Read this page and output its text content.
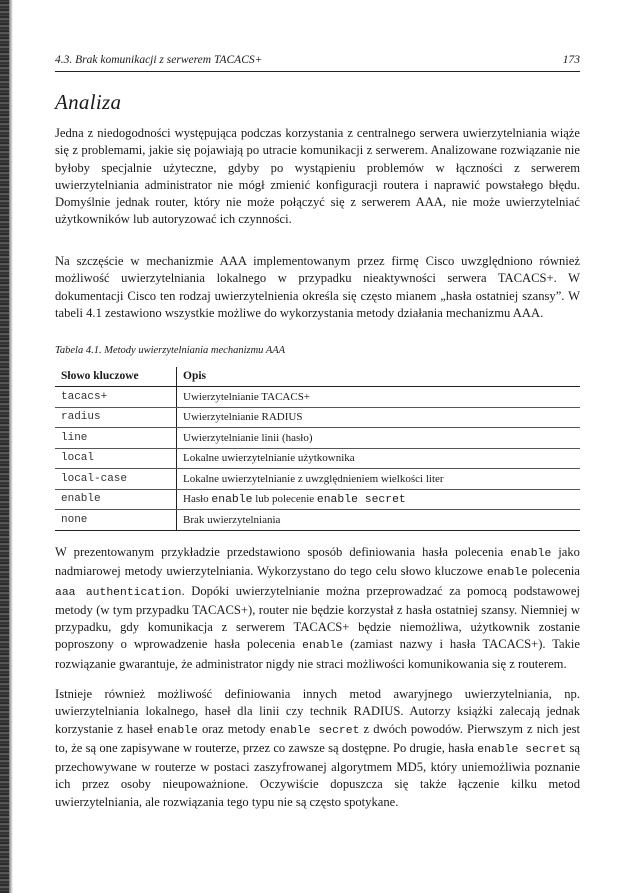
4.3. Brak komunikacji z serwerem TACACS+	173
Analiza

Jedna z niedogodności występująca podczas korzystania z centralnego serwera uwierzytelniania wiąże się z problemami, jakie się pojawiają po utracie komunikacji z serwerem. Analizowane rozwiązanie nie byłoby specjalnie użyteczne, gdyby po wystąpieniu problemów w łączności z serwerem uwierzytelniania administrator nie mógł zmienić konfiguracji routera i naprawić powstałego błędu. Domyślnie jednak router, który nie może połączyć się z serwerem AAA, nie może uwierzytelniać użytkowników lub autoryzować ich czynności.

Na szczęście w mechanizmie AAA implementowanym przez firmę Cisco uwzględniono również możliwość uwierzytelniania lokalnego w przypadku nieaktywności serwera TACACS+. W dokumentacji Cisco ten rodzaj uwierzytelnienia określa się często mianem „hasła ostatniej szansy”. W tabeli 4.1 zestawiono wszystkie możliwe do wykorzystania metody działania mechanizmu AAA.

Tabela 4.1. Metody uwierzytelniania mechanizmu AAA

Słowo kluczowe	Opis
tacacs+	Uwierzytelnianie TACACS+
radius	Uwierzytelnianie RADIUS
line	Uwierzytelnianie linii (hasło)
local	Lokalne uwierzytelnianie użytkownika
local-case	Lokalne uwierzytelnianie z uwzględnieniem wielkości liter
enable	Hasło enable lub polecenie enable secret
none	Brak uwierzytelniania

W prezentowanym przykładzie przedstawiono sposób definiowania hasła polecenia enable jako nadmiarowej metody uwierzytelniania. Wykorzystano do tego celu słowo kluczowe enable polecenia aaa authentication. Dopóki uwierzytelnianie można przeprowadzać za pomocą podstawowej metody (w tym przypadku TACACS+), router nie będzie korzystał z hasła ostatniej szansy. Niemniej w przypadku, gdy komunikacja z serwerem TACACS+ będzie niemożliwa, użytkownik zostanie poproszony o wprowadzenie hasła polecenia enable (zamiast nazwy i hasła TACACS+). Takie rozwiązanie gwarantuje, że administrator nigdy nie straci możliwości komunikowania się z routerem.

Istnieje również możliwość definiowania innych metod awaryjnego uwierzytelniania, np. uwierzytelniania lokalnego, haseł dla linii czy technik RADIUS. Autorzy książki zalecają jednak korzystanie z haseł enable oraz metody enable secret z dwóch powodów. Pierwszym z nich jest to, że są one zapisywane w routerze, przez co zawsze są dostępne. Po drugie, hasła enable secret są przechowywane w routerze w postaci zaszyfrowanej algorytmem MD5, który uniemożliwia poznanie ich przez osoby nieupoważnione. Oczywiście dopuszcza się także łączenie kilku metod uwierzytelniania, ale rozwiązania tego typu nie są często spotykane.
